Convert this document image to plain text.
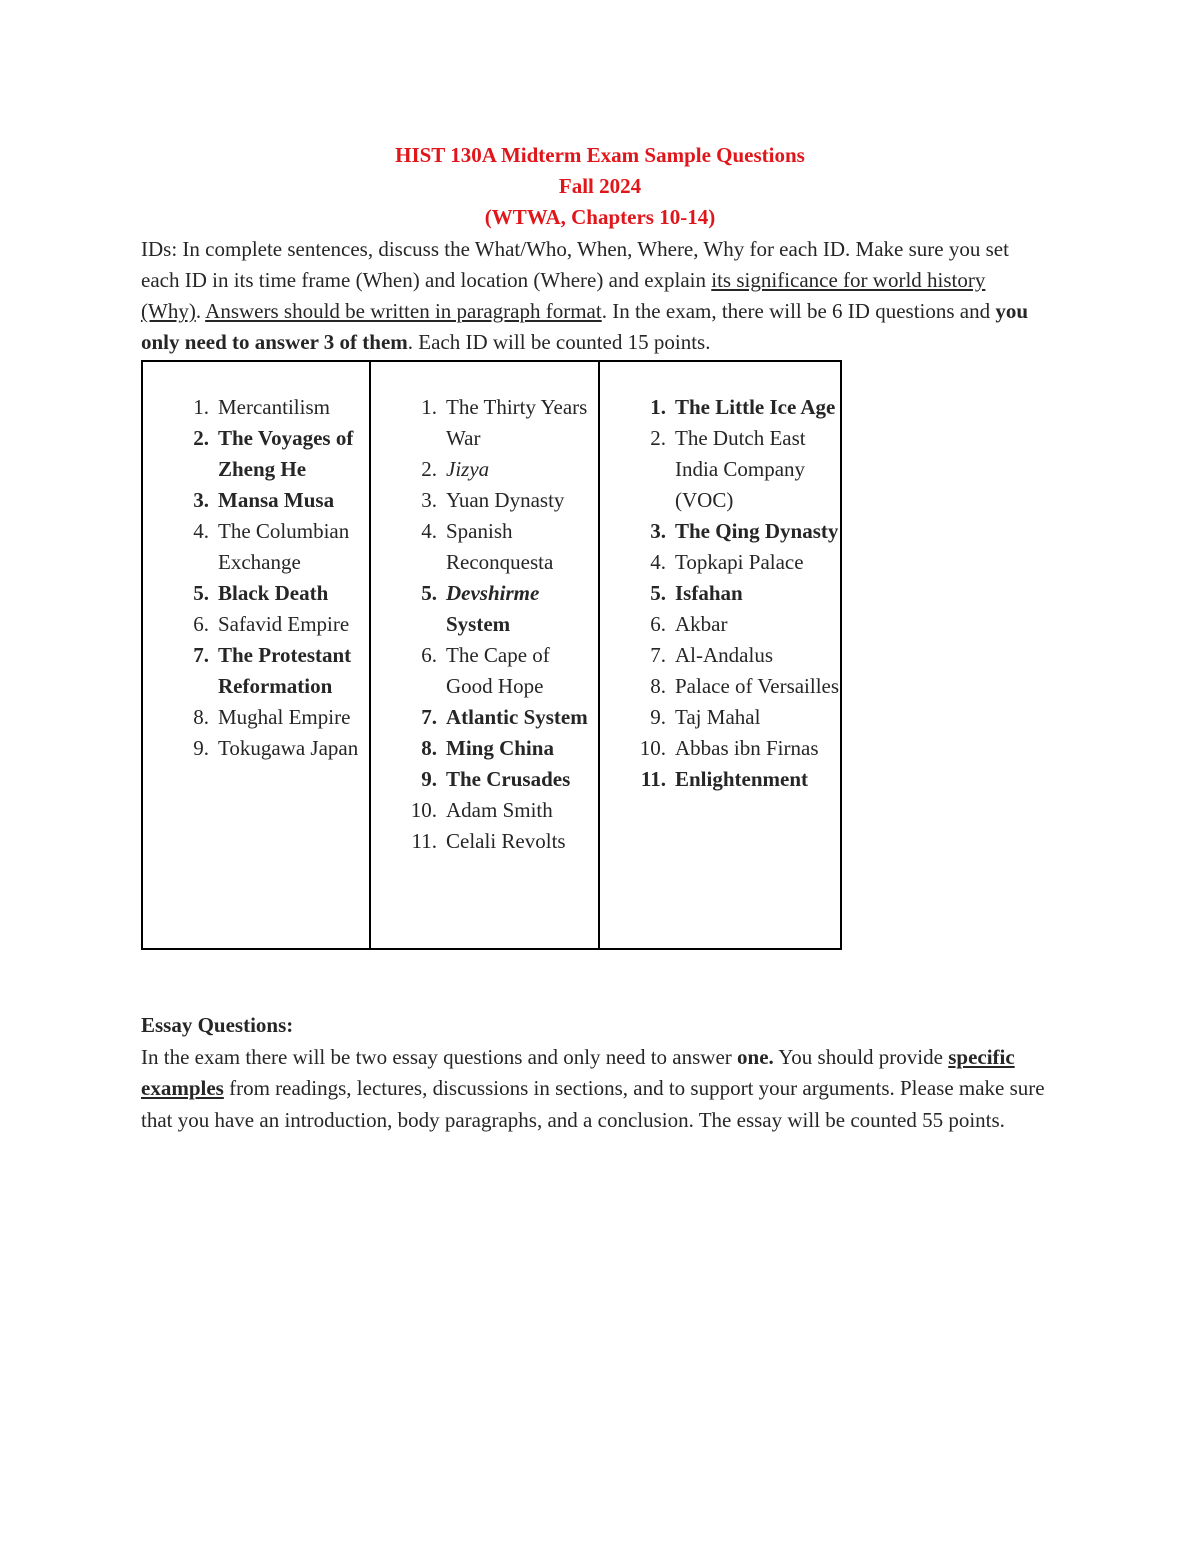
HIST 130A Midterm Exam Sample Questions
Fall 2024
(WTWA, Chapters 10-14)
IDs: In complete sentences, discuss the What/Who, When, Where, Why for each ID. Make sure you set each ID in its time frame (When) and location (Where) and explain its significance for world history (Why). Answers should be written in paragraph format. In the exam, there will be 6 ID questions and you only need to answer 3 of them. Each ID will be counted 15 points.
1. Mercantilism
2. The Voyages of Zheng He
3. Mansa Musa
4. The Columbian Exchange
5. Black Death
6. Safavid Empire
7. The Protestant Reformation
8. Mughal Empire
9. Tokugawa Japan

1. The Thirty Years War
2. Jizya
3. Yuan Dynasty
4. Spanish Reconquesta
5. Devshirme System
6. The Cape of Good Hope
7. Atlantic System
8. Ming China
9. The Crusades
10. Adam Smith
11. Celali Revolts

1. The Little Ice Age
2. The Dutch East India Company (VOC)
3. The Qing Dynasty
4. Topkapi Palace
5. Isfahan
6. Akbar
7. Al-Andalus
8. Palace of Versailles
9. Taj Mahal
10. Abbas ibn Firnas
11. Enlightenment
Essay Questions:
In the exam there will be two essay questions and only need to answer one. You should provide specific examples from readings, lectures, discussions in sections, and to support your arguments. Please make sure that you have an introduction, body paragraphs, and a conclusion. The essay will be counted 55 points.
